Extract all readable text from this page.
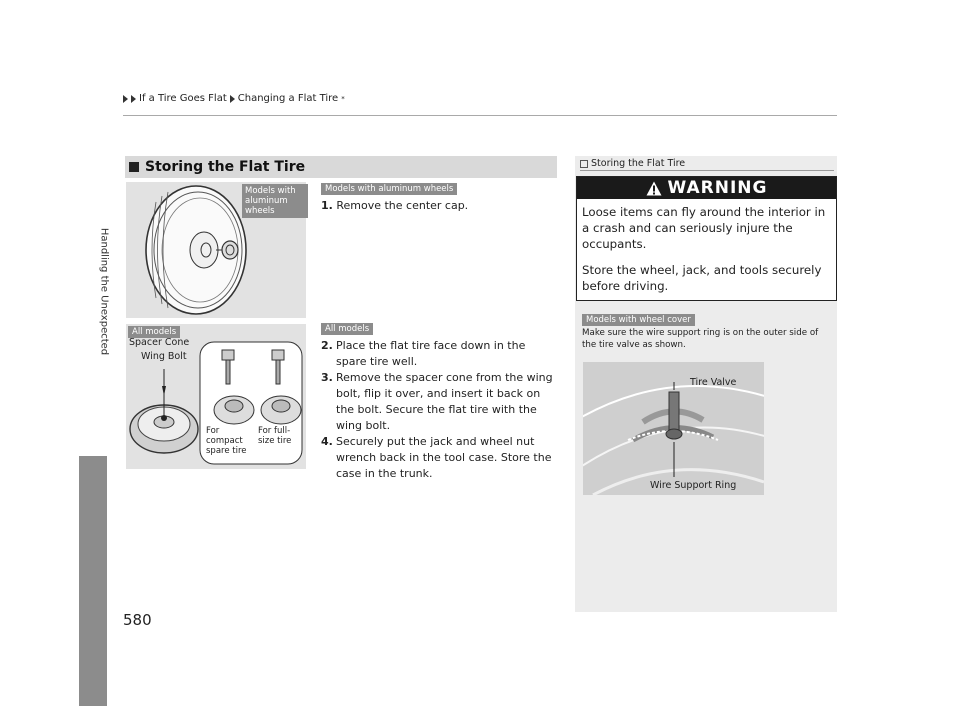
If a Tire Goes Flat Changing a Flat Tire *
Handling the Unexpected
580
Storing the Flat Tire
Models with aluminum wheels
Models with aluminum wheels
1. Remove the center cap.
All models
Spacer Cone
Wing Bolt
For compact spare tire
For full-size tire
All models
2. Place the flat tire face down in the spare tire well.
3. Remove the spacer cone from the wing bolt, flip it over, and insert it back on the bolt. Secure the flat tire with the wing bolt.
4. Securely put the jack and wheel nut wrench back in the tool case. Store the case in the trunk.
Storing the Flat Tire
WARNING

Loose items can fly around the interior in a crash and can seriously injure the occupants.

Store the wheel, jack, and tools securely before driving.

Models with wheel cover
Make sure the wire support ring is on the outer side of the tire valve as shown.
Tire Valve
Wire Support Ring
